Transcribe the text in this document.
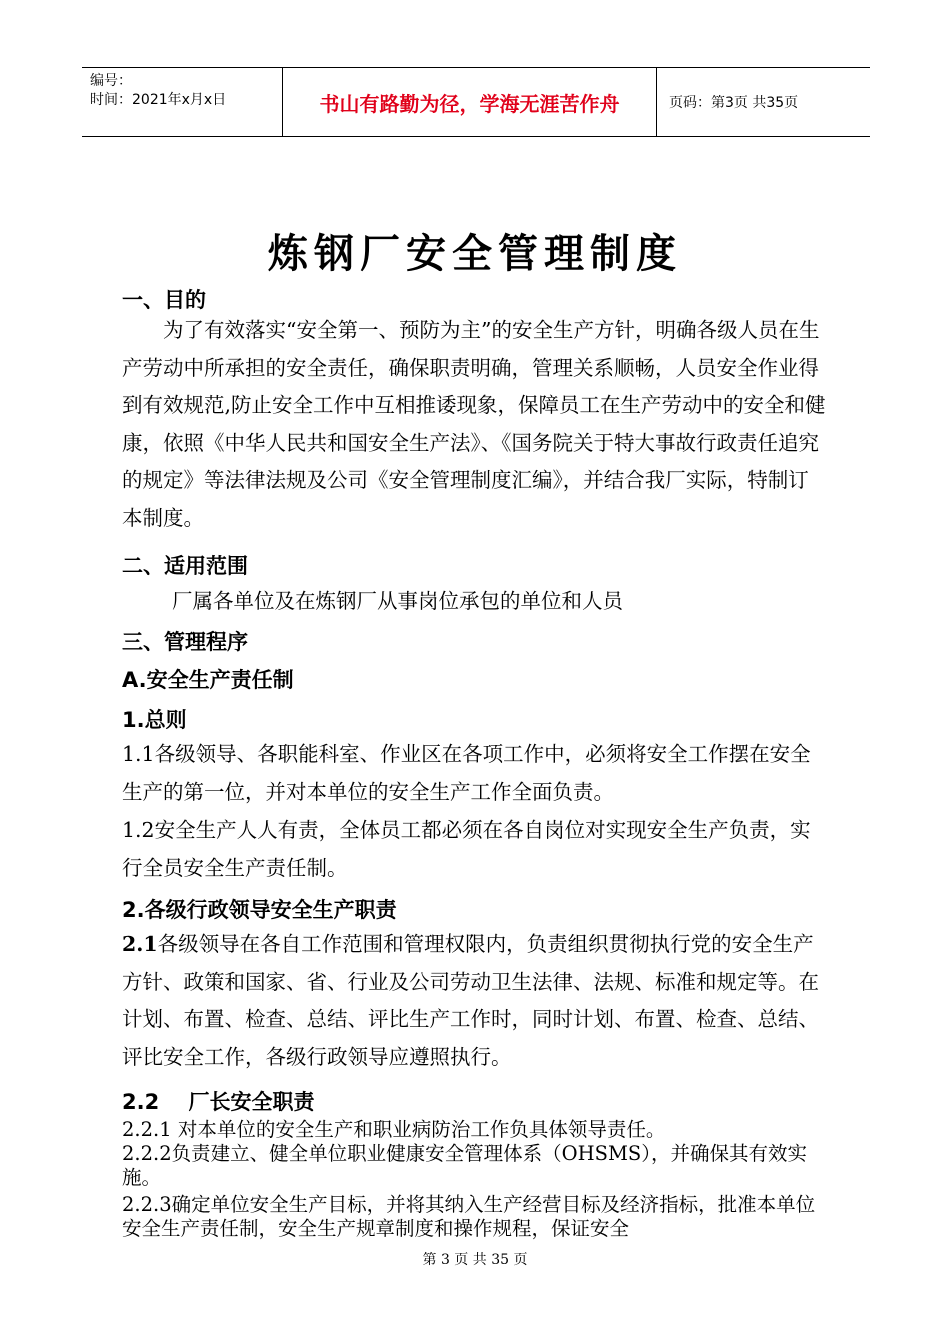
编号：
时间：2021年x月x日	书山有路勤为径，学海无涯苦作舟	页码：第3页 共35页
炼钢厂安全管理制度
一、目的
为了有效落实“安全第一、预防为主”的安全生产方针，明确各级人员在生产劳动中所承担的安全责任，确保职责明确，管理关系顺畅，人员安全作业得到有效规范,防止安全工作中互相推诿现象，保障员工在生产劳动中的安全和健康，依照《中华人民共和国安全生产法》、《国务院关于特大事故行政责任追究的规定》等法律法规及公司《安全管理制度汇编》，并结合我厂实际，特制订本制度。
二、适用范围
厂属各单位及在炼钢厂从事岗位承包的单位和人员
三、管理程序
A.安全生产责任制
1.总则
1.1各级领导、各职能科室、作业区在各项工作中，必须将安全工作摆在安全生产的第一位，并对本单位的安全生产工作全面负责。
1.2安全生产人人有责，全体员工都必须在各自岗位对实现安全生产负责，实行全员安全生产责任制。
2.各级行政领导安全生产职责
2.1各级领导在各自工作范围和管理权限内，负责组织贯彻执行党的安全生产方针、政策和国家、省、行业及公司劳动卫生法律、法规、标准和规定等。在计划、布置、检查、总结、评比生产工作时，同时计划、布置、检查、总结、评比安全工作，各级行政领导应遵照执行。
2.2    厂长安全职责
2.2.1 对本单位的安全生产和职业病防治工作负具体领导责任。
2.2.2负责建立、健全单位职业健康安全管理体系（OHSMS），并确保其有效实施。
2.2.3确定单位安全生产目标，并将其纳入生产经营目标及经济指标，批准本单位安全生产责任制，安全生产规章制度和操作规程，保证安全
第 3 页 共 35 页
